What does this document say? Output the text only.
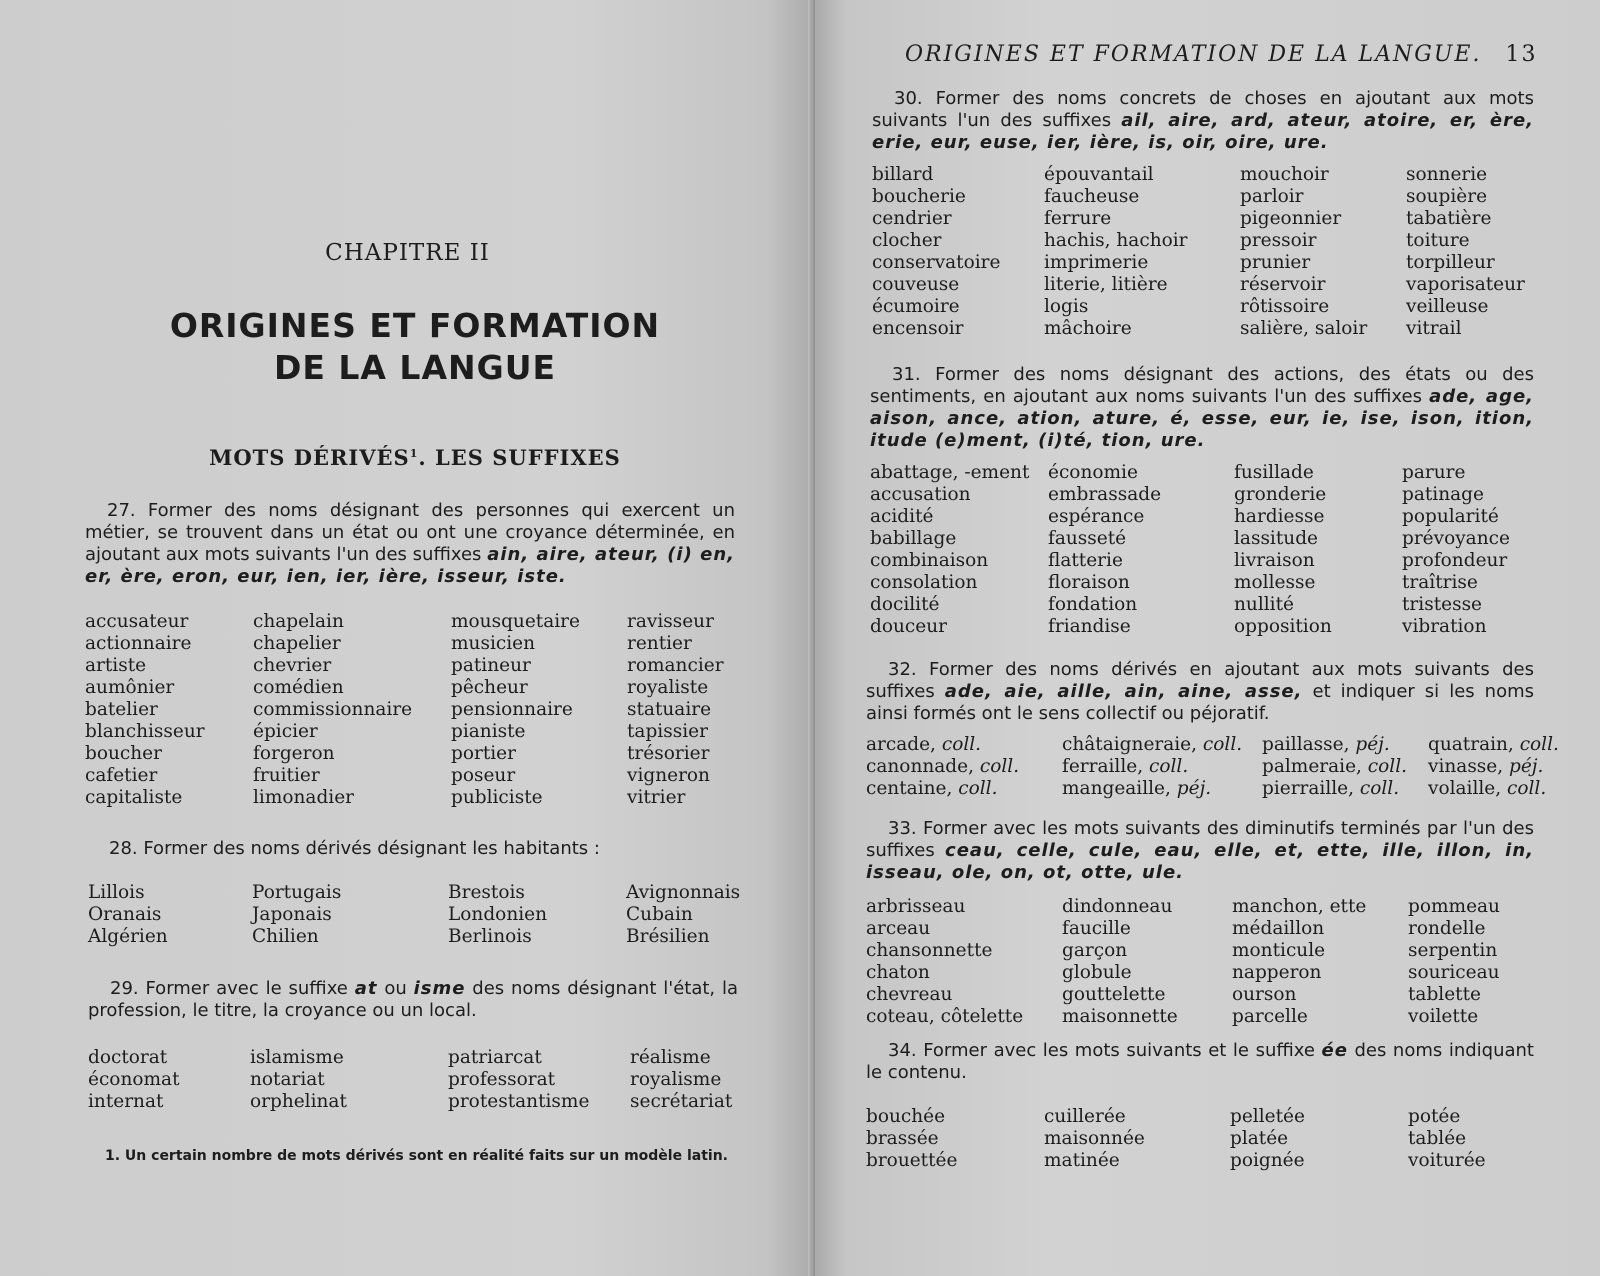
CHAPITRE II
ORIGINES ET FORMATION
DE LA LANGUE
MOTS DÉRIVÉS$^1$. LES SUFFIXES
27. Former des noms désignant des personnes qui exercent un métier, se trouvent dans un état ou ont une croyance déterminée, en ajoutant aux mots suivants l'un des suffixes ain, aire, ateur, (i) en, er, ère, eron, eur, ien, ier, ière, isseur, iste.
accusateur	chapelain	mousquetaire	ravisseur
actionnaire	chapelier	musicien	rentier
artiste	chevrier	patineur	romancier
aumônier	comédien	pêcheur	royaliste
batelier	commissionnaire	pensionnaire	statuaire
blanchisseur	épicier	pianiste	tapissier
boucher	forgeron	portier	trésorier
cafetier	fruitier	poseur	vigneron
capitaliste	limonadier	publiciste	vitrier
28. Former des noms dérivés désignant les habitants :
Lillois	Portugais	Brestois	Avignonnais
Oranais	Japonais	Londonien	Cubain
Algérien	Chilien	Berlinois	Brésilien
29. Former avec le suffixe at ou isme des noms désignant l'état, la profession, le titre, la croyance ou un local.
doctorat	islamisme	patriarcat	réalisme
économat	notariat	professorat	royalisme
internat	orphelinat	protestantisme	secrétariat
1. Un certain nombre de mots dérivés sont en réalité faits sur un modèle latin.
ORIGINES ET FORMATION DE LA LANGUE. 13
30. Former des noms concrets de choses en ajoutant aux mots suivants l'un des suffixes ail, aire, ard, ateur, atoire, er, ère, erie, eur, euse, ier, ière, is, oir, oire, ure.
billard	épouvantail	mouchoir	sonnerie
boucherie	faucheuse	parloir	soupière
cendrier	ferrure	pigeonnier	tabatière
clocher	hachis, hachoir	pressoir	toiture
conservatoire	imprimerie	prunier	torpilleur
couveuse	literie, litière	réservoir	vaporisateur
écumoire	logis	rôtissoire	veilleuse
encensoir	mâchoire	salière, saloir	vitrail
31. Former des noms désignant des actions, des états ou des sentiments, en ajoutant aux noms suivants l'un des suffixes ade, age, aison, ance, ation, ature, é, esse, eur, ie, ise, ison, ition, itude (e)ment, (i)té, tion, ure.
abattage, -ement	économie	fusillade	parure
accusation	embrassade	gronderie	patinage
acidité	espérance	hardiesse	popularité
babillage	fausseté	lassitude	prévoyance
combinaison	flatterie	livraison	profondeur
consolation	floraison	mollesse	traîtrise
docilité	fondation	nullité	tristesse
douceur	friandise	opposition	vibration
32. Former des noms dérivés en ajoutant aux mots suivants des suffixes ade, aie, aille, ain, aine, asse, et indiquer si les noms ainsi formés ont le sens collectif ou péjoratif.
arcade, coll.	châtaigneraie, coll.	paillasse, péj.	quatrain, coll.
canonnade, coll.	ferraille, coll.	palmeraie, coll.	vinasse, péj.
centaine, coll.	mangeaille, péj.	pierraille, coll.	volaille, coll.
33. Former avec les mots suivants des diminutifs terminés par l'un des suffixes ceau, celle, cule, eau, elle, et, ette, ille, illon, in, isseau, ole, on, ot, otte, ule.
arbrisseau	dindonneau	manchon, ette	pommeau
arceau	faucille	médaillon	rondelle
chansonnette	garçon	monticule	serpentin
chaton	globule	napperon	souriceau
chevreau	gouttelette	ourson	tablette
coteau, côtelette	maisonnette	parcelle	voilette
34. Former avec les mots suivants et le suffixe ée des noms indiquant le contenu.
bouchée	cuillerée	pelletée	potée
brassée	maisonnée	platée	tablée
brouettée	matinée	poignée	voiturée
